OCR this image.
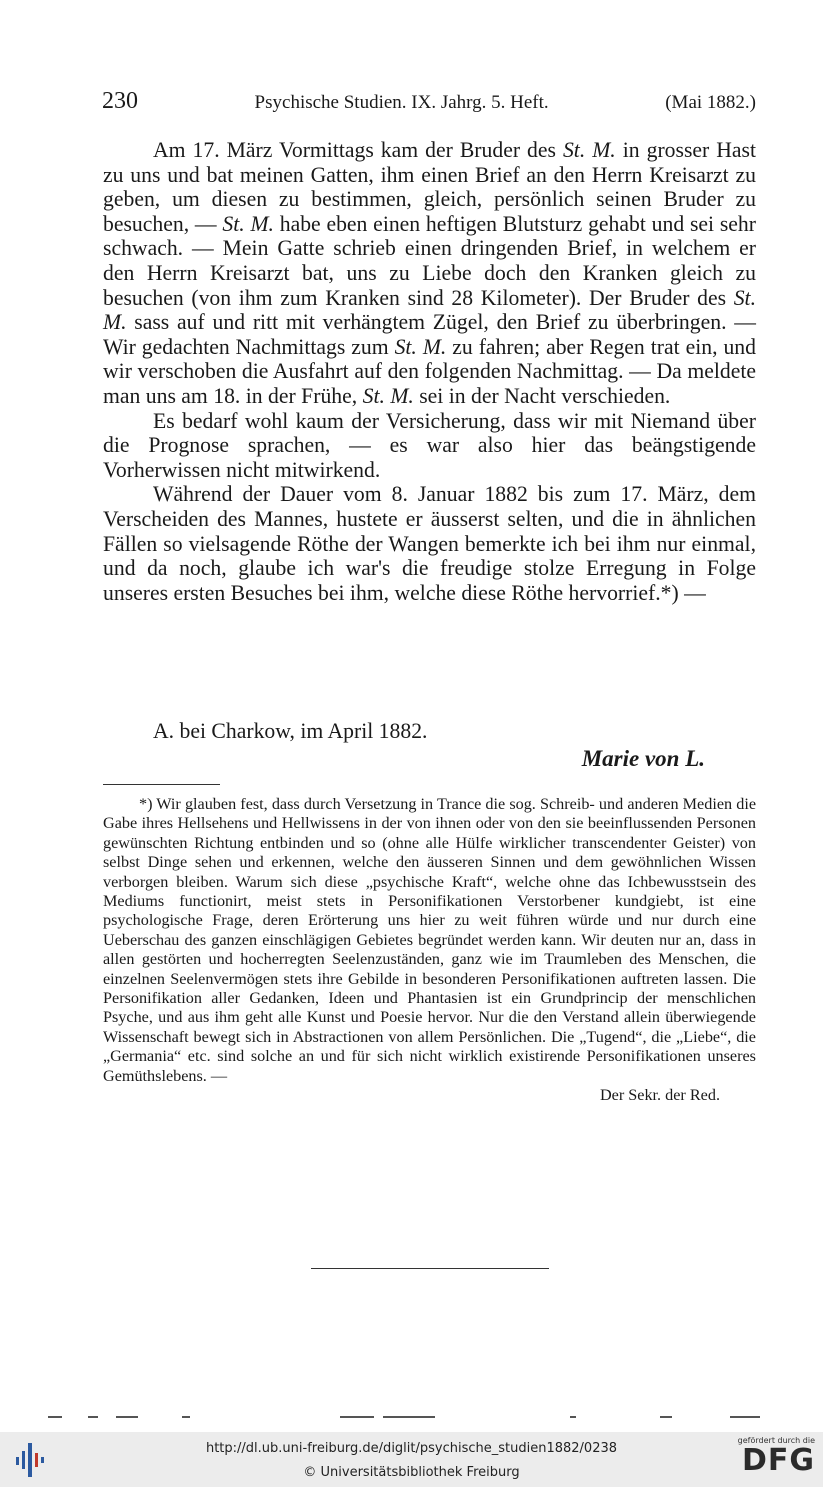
230	Psychische Studien. IX. Jahrg. 5. Heft.	(Mai 1882.)

Am 17. März Vormittags kam der Bruder des St. M. in grosser Hast zu uns und bat meinen Gatten, ihm einen Brief an den Herrn Kreisarzt zu geben, um diesen zu bestimmen, gleich, persönlich seinen Bruder zu besuchen, — St. M. habe eben einen heftigen Blutsturz gehabt und sei sehr schwach. — Mein Gatte schrieb einen dringenden Brief, in welchem er den Herrn Kreisarzt bat, uns zu Liebe doch den Kranken gleich zu besuchen (von ihm zum Kranken sind 28 Kilometer). Der Bruder des St. M. sass auf und ritt mit verhängtem Zügel, den Brief zu überbringen. — Wir gedachten Nachmittags zum St. M. zu fahren; aber Regen trat ein, und wir verschoben die Ausfahrt auf den folgenden Nachmittag. — Da meldete man uns am 18. in der Frühe, St. M. sei in der Nacht verschieden.

Es bedarf wohl kaum der Versicherung, dass wir mit Niemand über die Prognose sprachen, — es war also hier das beängstigende Vorherwissen nicht mitwirkend.

Während der Dauer vom 8. Januar 1882 bis zum 17. März, dem Verscheiden des Mannes, hustete er äusserst selten, und die in ähnlichen Fällen so vielsagende Röthe der Wangen bemerkte ich bei ihm nur einmal, und da noch, glaube ich war's die freudige stolze Erregung in Folge unseres ersten Besuches bei ihm, welche diese Röthe hervorrief.*) —

A. bei Charkow, im April 1882.
Marie von L.

*) Wir glauben fest, dass durch Versetzung in Trance die sog. Schreib- und anderen Medien die Gabe ihres Hellsehens und Hellwissens in der von ihnen oder von den sie beeinflussenden Personen gewünschten Richtung entbinden und so (ohne alle Hülfe wirklicher transcendenter Geister) von selbst Dinge sehen und erkennen, welche den äusseren Sinnen und dem gewöhnlichen Wissen verborgen bleiben. Warum sich diese „psychische Kraft“, welche ohne das Ichbewusstsein des Mediums functionirt, meist stets in Personifikationen Verstorbener kundgiebt, ist eine psychologische Frage, deren Erörterung uns hier zu weit führen würde und nur durch eine Ueberschau des ganzen einschlägigen Gebietes begründet werden kann. Wir deuten nur an, dass in allen gestörten und hocherregten Seelenzuständen, ganz wie im Traumleben des Menschen, die einzelnen Seelenvermögen stets ihre Gebilde in besonderen Personifikationen auftreten lassen. Die Personifikation aller Gedanken, Ideen und Phantasien ist ein Grundprincip der menschlichen Psyche, und aus ihm geht alle Kunst und Poesie hervor. Nur die den Verstand allein überwiegende Wissenschaft bewegt sich in Abstractionen von allem Persönlichen. Die „Tugend“, die „Liebe“, die „Germania“ etc. sind solche an und für sich nicht wirklich existirende Personifikationen unseres Gemüthslebens. —

Der Sekr. der Red.
http://dl.ub.uni-freiburg.de/diglit/psychische_studien1882/0238
© Universitätsbibliothek Freiburg
gefördert durch die
DFG
